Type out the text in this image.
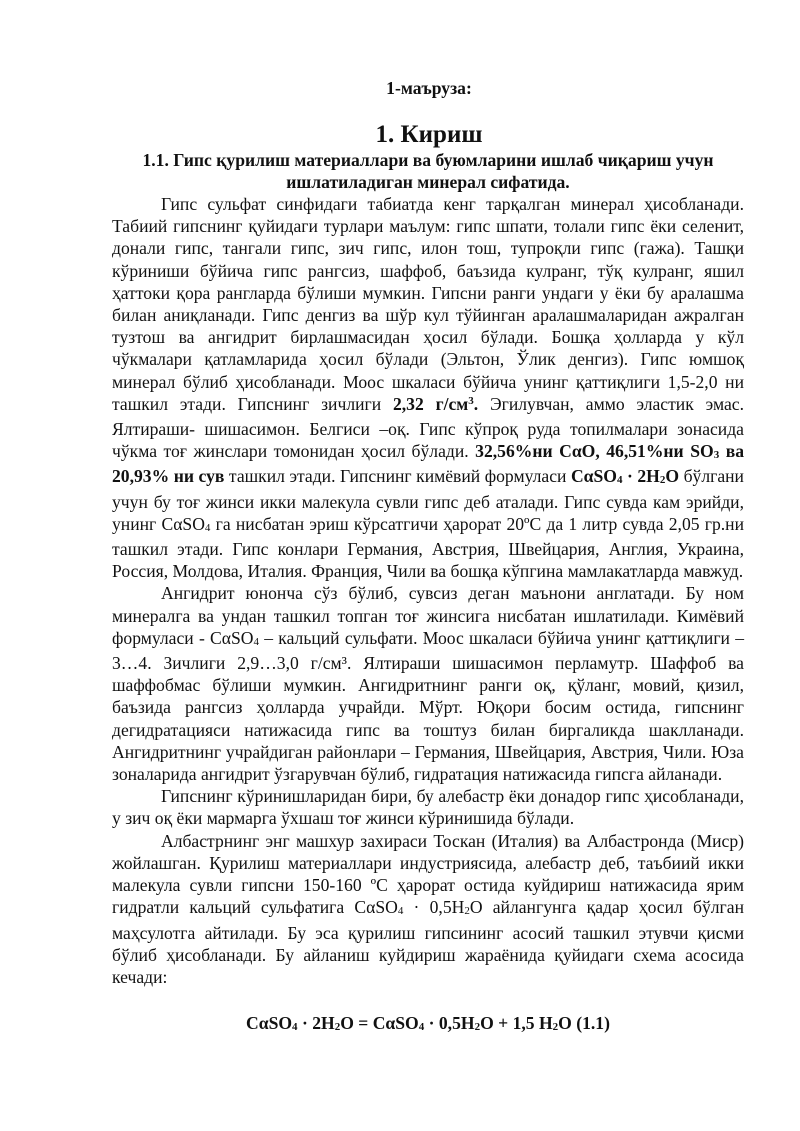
1-маъруза:
1. Кириш
1.1. Гипс қурилиш материаллари ва буюмларини ишлаб чиқариш учун ишлатиладиган минерал сифатида.

Гипс сульфат синфидаги табиатда кенг тарқалган минерал ҳисобланади. Табиий гипснинг қуйидаги турлари маълум: гипс шпати, толали гипс ёки селенит, донали гипс, тангали гипс, зич гипс, илон тош, тупроқли гипс (гажа). Ташқи кўриниши бўйича гипс рангсиз, шаффоб, баъзида кулранг, тўқ кулранг, яшил ҳаттоки қора рангларда бўлиши мумкин. Гипсни ранги ундаги у ёки бу аралашма билан аниқланади. Гипс денгиз ва шўр кул тўйинган аралашмаларидан ажралган тузтош ва ангидрит бирлашмасидан ҳосил бўлади. Бошқа ҳолларда у кўл чўкмалари қатламларида ҳосил бўлади (Эльтон, Ўлик денгиз). Гипс юмшоқ минерал бўлиб ҳисобланади. Моос шкаласи бўйича унинг қаттиқлиги 1,5-2,0 ни ташкил этади. Гипснинг зичлиги 2,32 $г/см^3$. Эгилувчан, аммо эластик эмас. Ялтираши- шишасимон. Белгиси –оқ. Гипс кўпроқ руда топилмалари зонасида чўкма тоғ жинслари томонидан ҳосил бўлади. 32,56%ни СαО, 46,51%ни $SO_3$ ва 20,93% ни сув ташкил этади. Гипснинг кимёвий формуласи $С\alpha SO_4 \cdot 2H_2O$ бўлгани учун бу тоғ жинси икки малекула сувли гипс деб аталади. Гипс сувда кам эрийди, унинг СαSO$_4$ га нисбатан эриш кўрсатгичи ҳарорат 20ºС да 1 литр сувда 2,05 гр.ни ташкил этади. Гипс конлари Германия, Австрия, Швейцария, Англия, Украина, Россия, Молдова, Италия. Франция, Чили ва бошқа кўпгина мамлакатларда мавжуд.

Ангидрит юнонча сўз бўлиб, сувсиз деган маънони англатади. Бу ном минералга ва ундан ташкил топган тоғ жинсига нисбатан ишлатилади. Кимёвий формуласи - СαSO$_4$ – кальций сульфати. Моос шкаласи бўйича унинг қаттиқлиги – 3…4. Зичлиги 2,9…3,0 г/см³. Ялтираши шишасимон перламутр. Шаффоб ва шаффобмас бўлиши мумкин. Ангидритнинг ранги оқ, қўланг, мовий, қизил, баъзида рангсиз ҳолларда учрайди. Мўрт. Юқори босим остида, гипснинг дегидратацияси натижасида гипс ва тоштуз билан биргаликда шаклланади. Ангидритнинг учрайдиган районлари – Германия, Швейцария, Австрия, Чили. Юза зоналарида ангидрит ўзгарувчан бўлиб, гидратация натижасида гипсга айланади.

Гипснинг кўринишларидан бири, бу алебастр ёки донадор гипс ҳисобланади, у зич оқ ёки мармарга ўхшаш тоғ жинси кўринишида бўлади.

Албастрнинг энг машхур захираси Тоскан (Италия) ва Албастронда (Миср) жойлашган. Қурилиш материаллари индустриясида, алебастр деб, таъбиий икки малекула сувли гипсни 150-160 ºС ҳарорат остида куйдириш натижасида ярим гидратли кальций сульфатига $С\alpha SO_4 \cdot 0,5H_2O$ айлангунга қадар ҳосил бўлган маҳсулотга айтилади. Бу эса қурилиш гипсининг асосий ташкил этувчи қисми бўлиб ҳисобланади. Бу айланиш куйдириш жараёнида қуйидаги схема асосида кечади:

$С\alpha SO_4 \cdot 2H_2O = С\alpha SO_4 \cdot 0,5H_2O + 1,5$ $H_2O$ (1.1)
